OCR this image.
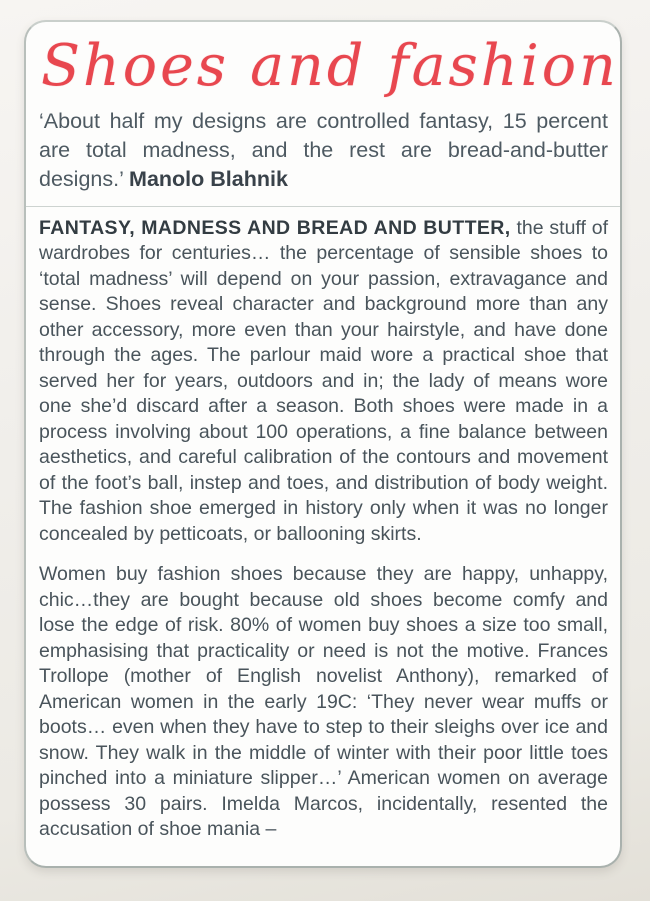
Shoes and fashion

‘About half my designs are controlled fantasy, 15 percent are total madness, and the rest are bread-and-butter designs.’ Manolo Blahnik

FANTASY, MADNESS AND BREAD AND BUTTER, the stuff of wardrobes for centuries… the percentage of sensible shoes to ‘total madness’ will depend on your passion, extravagance and sense. Shoes reveal character and background more than any other accessory, more even than your hairstyle, and have done through the ages. The parlour maid wore a practical shoe that served her for years, outdoors and in; the lady of means wore one she’d discard after a season. Both shoes were made in a process involving about 100 operations, a fine balance between aesthetics, and careful calibration of the contours and movement of the foot’s ball, instep and toes, and distribution of body weight. The fashion shoe emerged in history only when it was no longer concealed by petticoats, or ballooning skirts.

Women buy fashion shoes because they are happy, unhappy, chic…they are bought because old shoes become comfy and lose the edge of risk. 80% of women buy shoes a size too small, emphasising that practicality or need is not the motive. Frances Trollope (mother of English novelist Anthony), remarked of American women in the early 19C: ‘They never wear muffs or boots… even when they have to step to their sleighs over ice and snow. They walk in the middle of winter with their poor little toes pinched into a miniature slipper…’ American women on average possess 30 pairs. Imelda Marcos, incidentally, resented the accusation of shoe mania –
